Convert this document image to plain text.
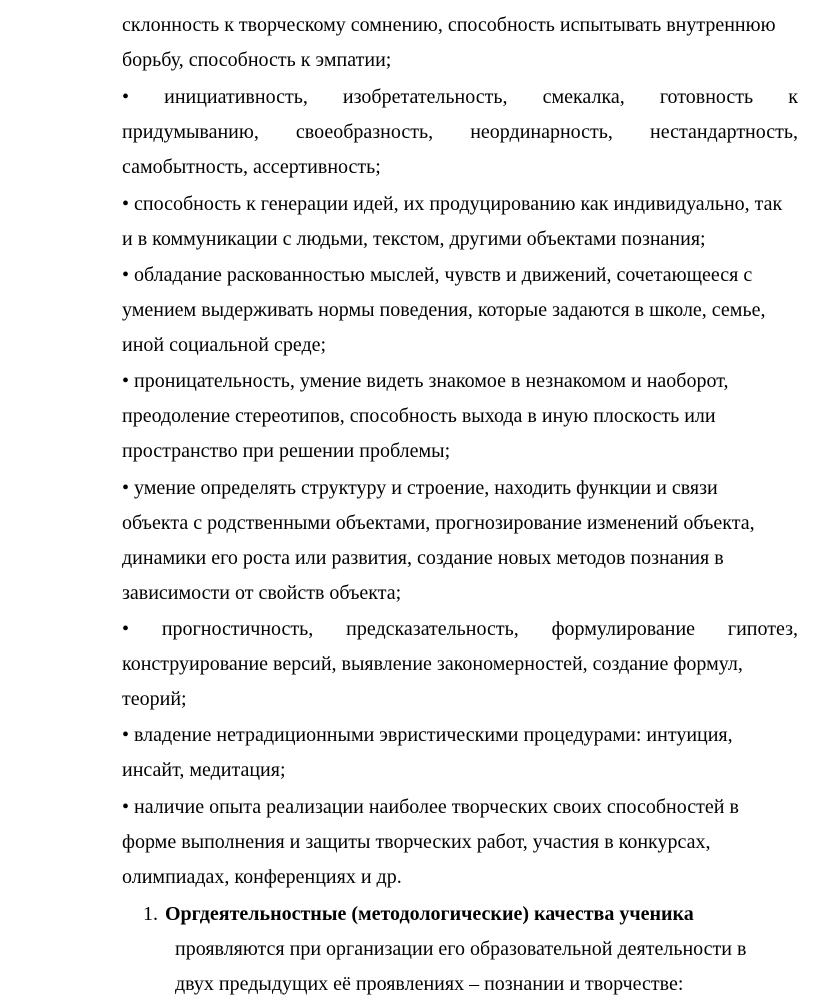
склонность к творческому сомнению, способность испытывать внутреннюю
борьбу, способность к эмпатии;
• инициативность, изобретательность, смекалка, готовность к
придумыванию, своеобразность, неординарность, нестандартность,
самобытность, ассертивность;
• способность к генерации идей, их продуцированию как индивидуально, так
и в коммуникации с людьми, текстом, другими объектами познания;
• обладание раскованностью мыслей, чувств и движений, сочетающееся с
умением выдерживать нормы поведения, которые задаются в школе, семье,
иной социальной среде;
• проницательность, умение видеть знакомое в незнакомом и наоборот,
преодоление стереотипов, способность выхода в иную плоскость или
пространство при решении проблемы;
• умение определять структуру и строение, находить функции и связи
объекта с родственными объектами, прогнозирование изменений объекта,
динамики его роста или развития, создание новых методов познания в
зависимости от свойств объекта;
• прогностичность, предсказательность, формулирование гипотез,
конструирование версий, выявление закономерностей, создание формул,
теорий;
• владение нетрадиционными эвристическими процедурами: интуиция,
инсайт, медитация;
• наличие опыта реализации наиболее творческих своих способностей в
форме выполнения и защиты творческих работ, участия в конкурсах,
олимпиадах, конференциях и др.
1. Оргдеятельностные (методологические) качества ученика
проявляются при организации его образовательной деятельности в
двух предыдущих её проявлениях – познании и творчестве:
